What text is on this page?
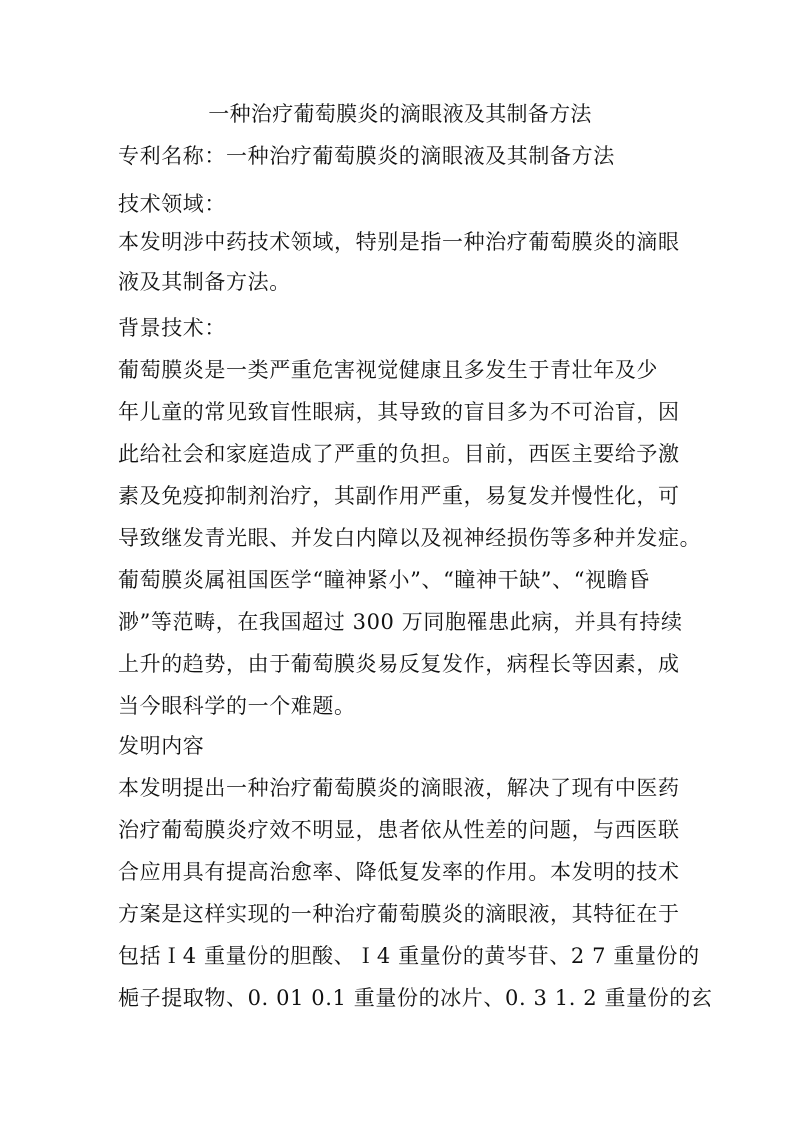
一种治疗葡萄膜炎的滴眼液及其制备方法
专利名称：一种治疗葡萄膜炎的滴眼液及其制备方法
技术领域：
本发明涉中药技术领域，特别是指一种治疗葡萄膜炎的滴眼
液及其制备方法。
背景技术：
葡萄膜炎是一类严重危害视觉健康且多发生于青壮年及少
年儿童的常见致盲性眼病，其导致的盲目多为不可治盲，因
此给社会和家庭造成了严重的负担。目前，西医主要给予激
素及免疫抑制剂治疗，其副作用严重，易复发并慢性化，可
导致继发青光眼、并发白内障以及视神经损伤等多种并发症。
葡萄膜炎属祖国医学“瞳神紧小”、“瞳神干缺”、“视瞻昏
渺”等范畴，在我国超过 300 万同胞罹患此病，并具有持续
上升的趋势，由于葡萄膜炎易反复发作，病程长等因素，成
当今眼科学的一个难题。
发明内容
本发明提出一种治疗葡萄膜炎的滴眼液，解决了现有中医药
治疗葡萄膜炎疗效不明显，患者依从性差的问题，与西医联
合应用具有提高治愈率、降低复发率的作用。本发明的技术
方案是这样实现的一种治疗葡萄膜炎的滴眼液，其特征在于
包括Ｉ4 重量份的胆酸、Ｉ4 重量份的黄岑苷、2 7 重量份的
梔子提取物、0. 01 0.1 重量份的冰片、0. 3 1. 2 重量份的玄
